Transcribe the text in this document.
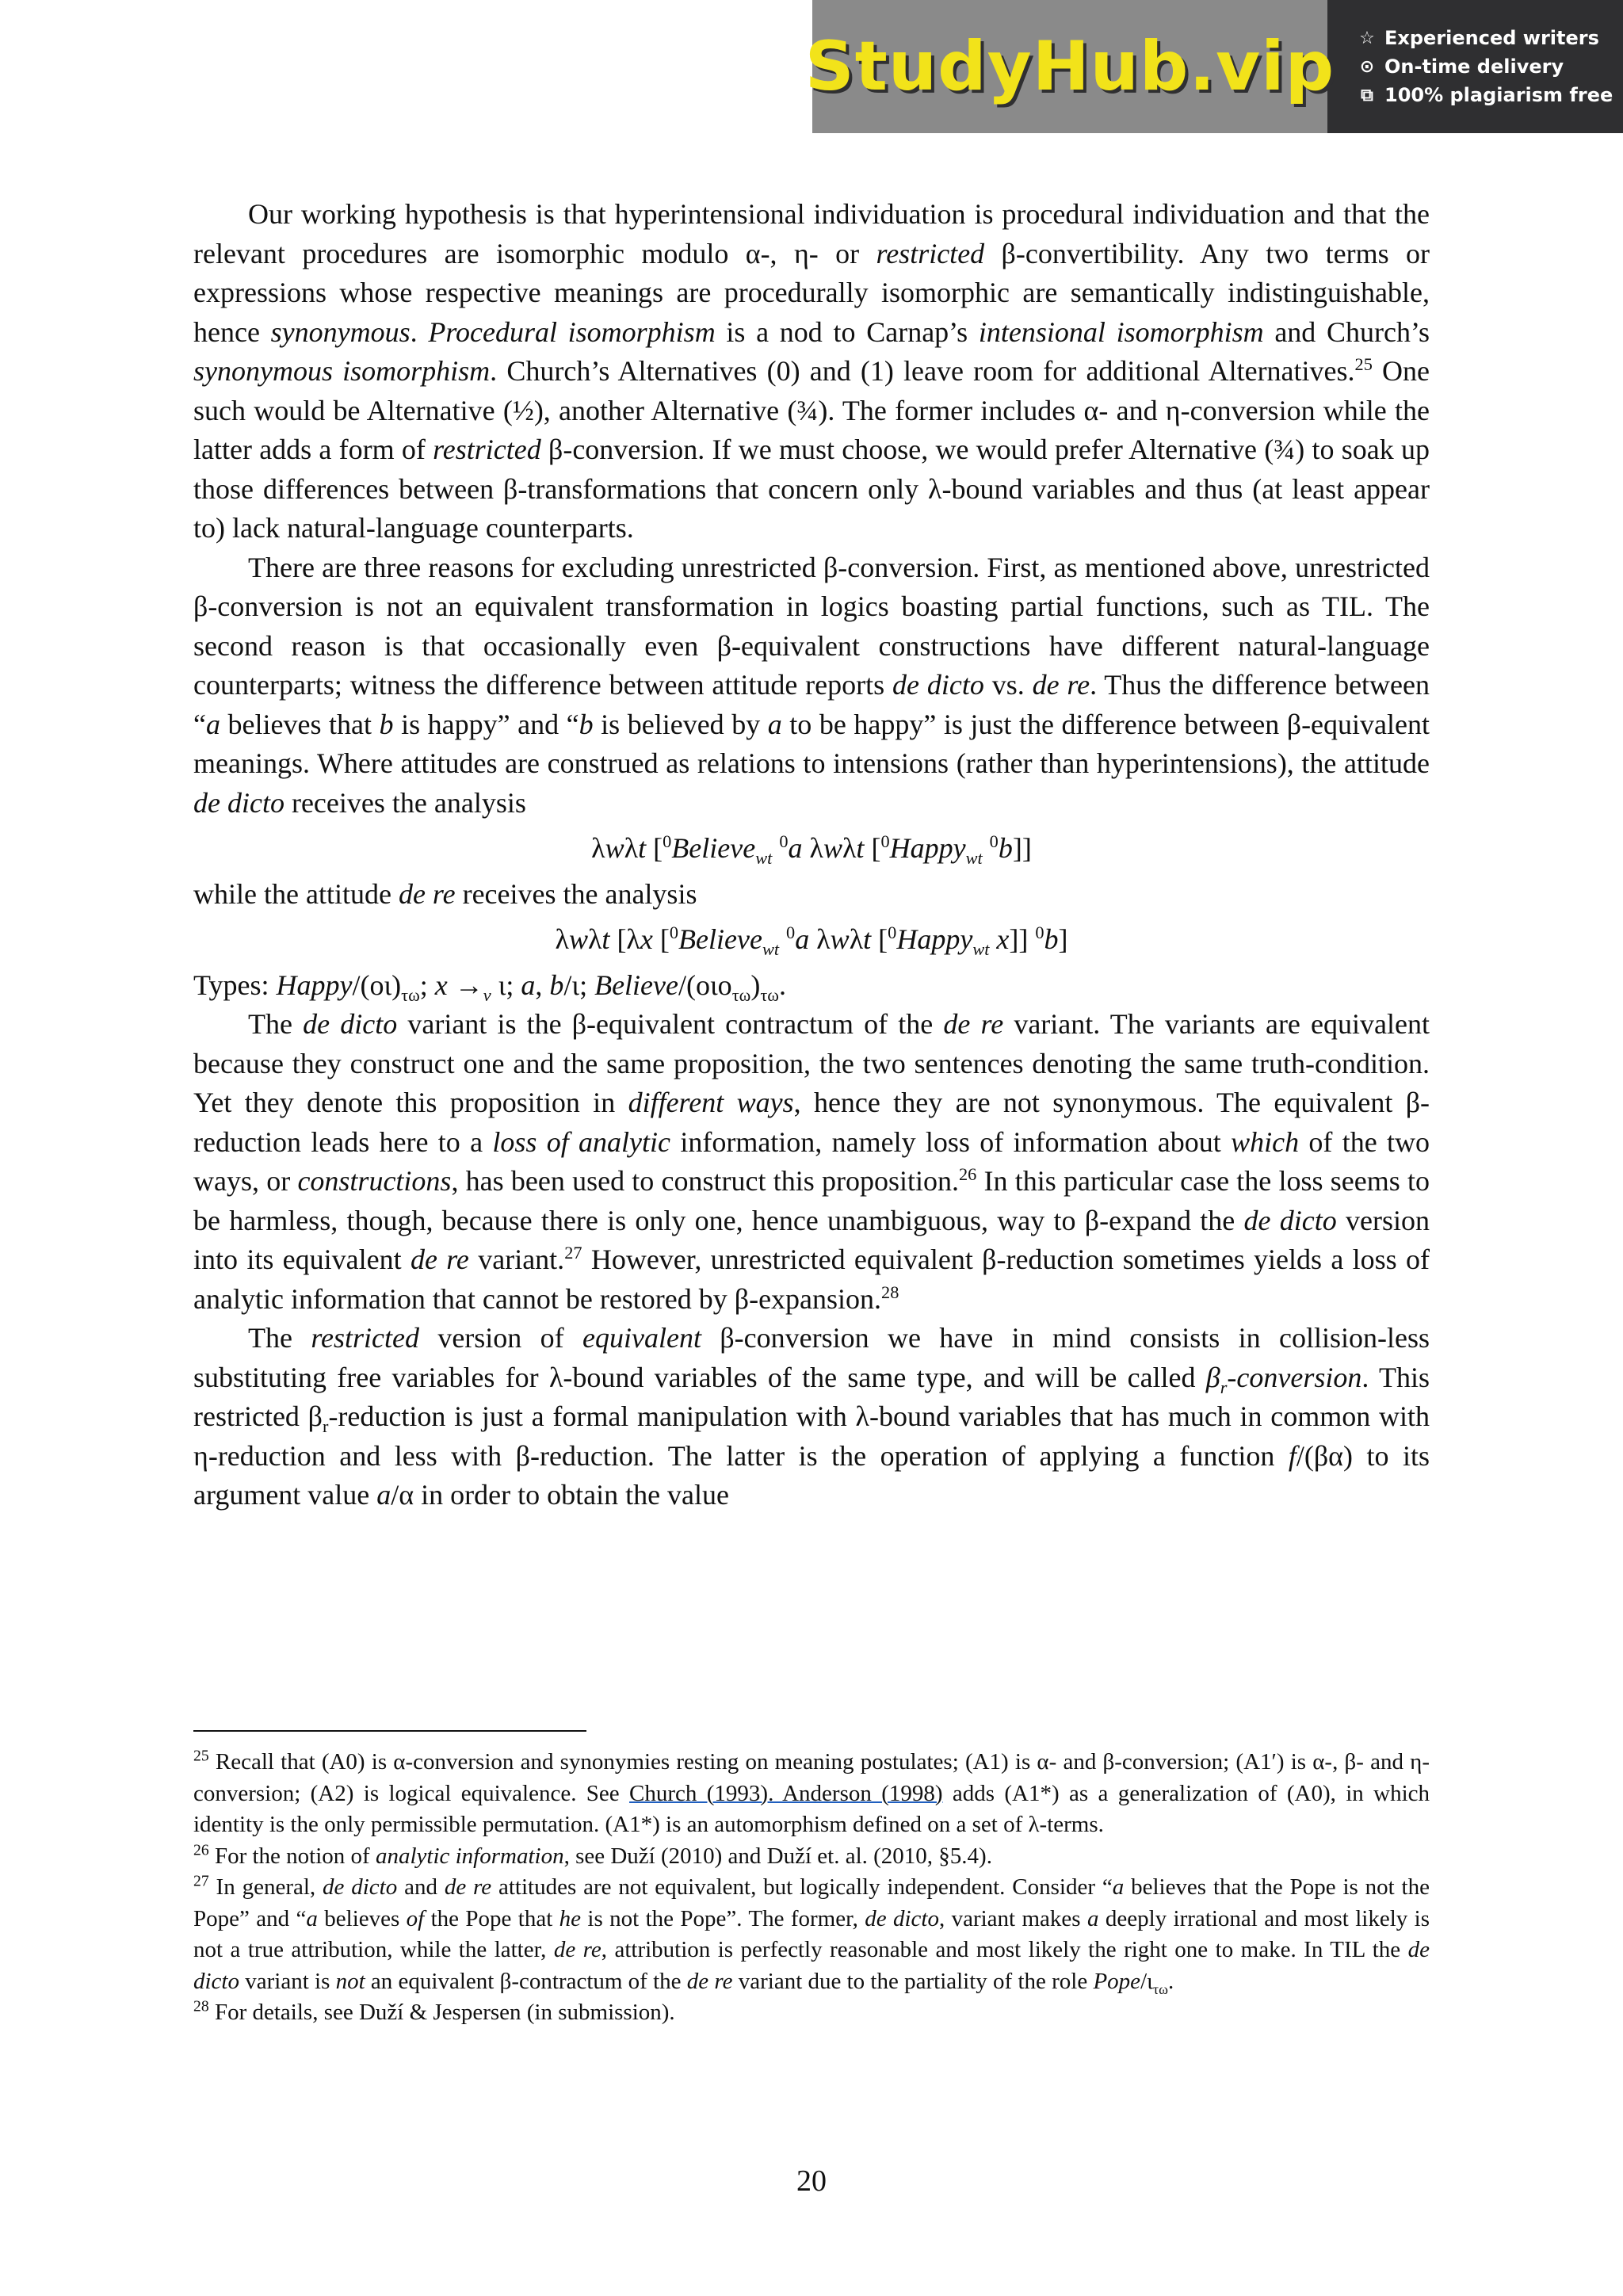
StudyHub.vip ☆ Experienced writers
⊙ On-time delivery
⧉ 100% plagiarism free

Our working hypothesis is that hyperintensional individuation is procedural individuation and that the relevant procedures are isomorphic modulo α-, η- or restricted β-convertibility. Any two terms or expressions whose respective meanings are procedurally isomorphic are semantically indistinguishable, hence synonymous. Procedural isomorphism is a nod to Carnap’s intensional isomorphism and Church’s synonymous isomorphism. Church’s Alternatives (0) and (1) leave room for additional Alternatives.$^{25}$ One such would be Alternative (½), another Alternative (¾). The former includes α- and η-conversion while the latter adds a form of restricted β-conversion. If we must choose, we would prefer Alternative (¾) to soak up those differences between β-transformations that concern only λ-bound variables and thus (at least appear to) lack natural-language counterparts.

There are three reasons for excluding unrestricted β-conversion. First, as mentioned above, unrestricted β-conversion is not an equivalent transformation in logics boasting partial functions, such as TIL. The second reason is that occasionally even β-equivalent constructions have different natural-language counterparts; witness the difference between attitude reports de dicto vs. de re. Thus the difference between “a believes that b is happy” and “b is believed by a to be happy” is just the difference between β-equivalent meanings. Where attitudes are construed as relations to intensions (rather than hyperintensions), the attitude de dicto receives the analysis

λwλt [$^0$Believe$_{wt}$ $^0$a λwλt [$^0$Happy$_{wt}$ $^0$b]]

while the attitude de re receives the analysis

λwλt [λx [$^0$Believe$_{wt}$ $^0$a λwλt [$^0$Happy$_{wt}$ x]] $^0$b]

Types: Happy/$(o\iota)_{\tau\omega}$; $x \to_v$ ι; a, b/ι; Believe/$(o\iota o_{\tau\omega})_{\tau\omega}$.

The de dicto variant is the β-equivalent contractum of the de re variant. The variants are equivalent because they construct one and the same proposition, the two sentences denoting the same truth-condition. Yet they denote this proposition in different ways, hence they are not synonymous. The equivalent β-reduction leads here to a loss of analytic information, namely loss of information about which of the two ways, or constructions, has been used to construct this proposition.$^{26}$ In this particular case the loss seems to be harmless, though, because there is only one, hence unambiguous, way to β-expand the de dicto version into its equivalent de re variant.$^{27}$ However, unrestricted equivalent β-reduction sometimes yields a loss of analytic information that cannot be restored by β-expansion.$^{28}$

The restricted version of equivalent β-conversion we have in mind consists in collision-less substituting free variables for λ-bound variables of the same type, and will be called $\beta_r$-conversion. This restricted $\beta_r$-reduction is just a formal manipulation with λ-bound variables that has much in common with η-reduction and less with β-reduction. The latter is the operation of applying a function f/(βα) to its argument value a/α in order to obtain the value

$^{25}$ Recall that (A0) is α-conversion and synonymies resting on meaning postulates; (A1) is α- and β-conversion; (A1′) is α-, β- and η-conversion; (A2) is logical equivalence. See Church (1993). Anderson (1998) adds (A1*) as a generalization of (A0), in which identity is the only permissible permutation. (A1*) is an automorphism defined on a set of λ-terms.

$^{26}$ For the notion of analytic information, see Duží (2010) and Duží et. al. (2010, §5.4).

$^{27}$ In general, de dicto and de re attitudes are not equivalent, but logically independent. Consider “a believes that the Pope is not the Pope” and “a believes of the Pope that he is not the Pope”. The former, de dicto, variant makes a deeply irrational and most likely is not a true attribution, while the latter, de re, attribution is perfectly reasonable and most likely the right one to make. In TIL the de dicto variant is not an equivalent β-contractum of the de re variant due to the partiality of the role Pope/$\iota_{\tau\omega}$.

$^{28}$ For details, see Duží & Jespersen (in submission).

20
